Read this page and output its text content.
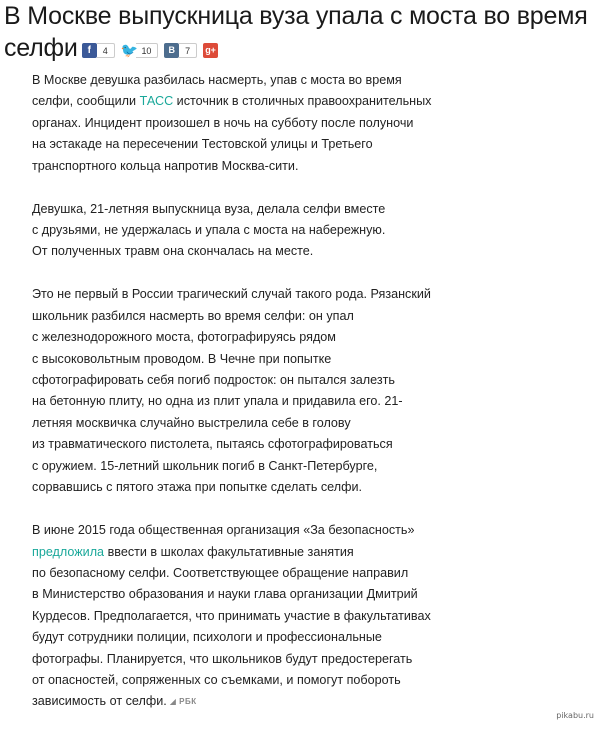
В Москве выпускница вуза упала с моста во время
селфи f	4 🐦 10	В	7	g+

В Москве девушка разбилась насмерть, упав с моста во время
селфи, сообщили ТАСС источник в столичных правоохранительных
органах. Инцидент произошел в ночь на субботу после полуночи
на эстакаде на пересечении Тестовской улицы и Третьего
транспортного кольца напротив Москва-сити.

Девушка, 21-летняя выпускница вуза, делала селфи вместе
с друзьями, не удержалась и упала с моста на набережную.
От полученных травм она скончалась на месте.

Это не первый в России трагический случай такого рода. Рязанский
школьник разбился насмерть во время селфи: он упал
с железнодорожного моста, фотографируясь рядом
с высоковольтным проводом. В Чечне при попытке
сфотографировать себя погиб подросток: он пытался залезть
на бетонную плиту, но одна из плит упала и придавила его. 21-
летняя москвичка случайно выстрелила себе в голову
из травматического пистолета, пытаясь сфотографироваться
с оружием. 15-летний школьник погиб в Санкт-Петербурге,
сорвавшись с пятого этажа при попытке сделать селфи.

В июне 2015 года общественная организация «За безопасность»
предложила ввести в школах факультативные занятия
по безопасному селфи. Соответствующее обращение направил
в Министерство образования и науки глава организации Дмитрий
Курдесов. Предполагается, что принимать участие в факультативах
будут сотрудники полиции, психологи и профессиональные
фотографы. Планируется, что школьников будут предостерегать
от опасностей, сопряженных со съемками, и помогут побороть
зависимость от селфи. ◢ РБК

pikabu.ru
